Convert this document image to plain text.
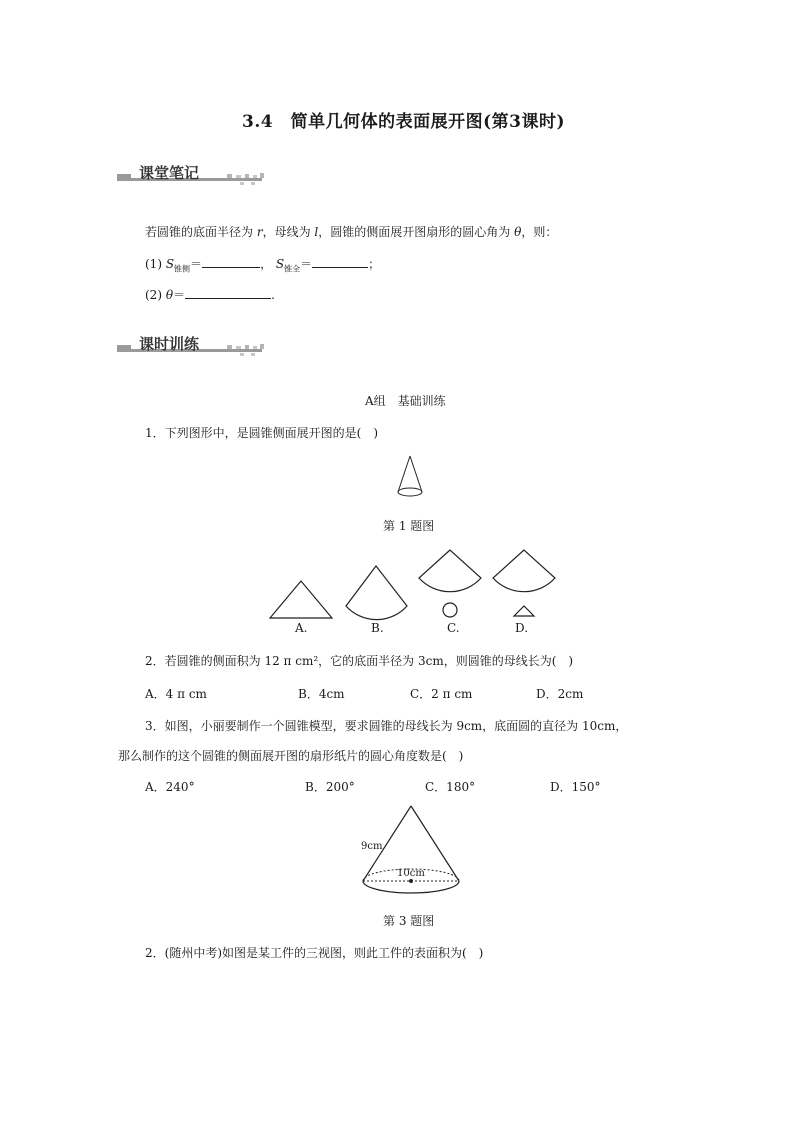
3.4　简单几何体的表面展开图(第3课时)
课堂笔记
若圆锥的底面半径为 r，母线为 l，圆锥的侧面展开图扇形的圆心角为 θ，则：
(1) $S_{锥侧}=$	， $S_{锥全}=$	；
(2) θ＝	.
课时训练
A组　基础训练
1．下列图形中，是圆锥侧面展开图的是(　)
第 1 题图
A.	B.	C.	D.
2．若圆锥的侧面积为 12 π cm²，它的底面半径为 3cm，则圆锥的母线长为(　)
A．4 π cm	B．4cm	C．2 π cm	D．2cm
3．如图，小丽要制作一个圆锥模型，要求圆锥的母线长为 9cm，底面圆的直径为 10cm，
那么制作的这个圆锥的侧面展开图的扇形纸片的圆心角度数是(　)
A．240°	B．200°	C．180°	D．150°
9cm
10cm
第 3 题图
2．(随州中考)如图是某工件的三视图，则此工件的表面积为(　)
